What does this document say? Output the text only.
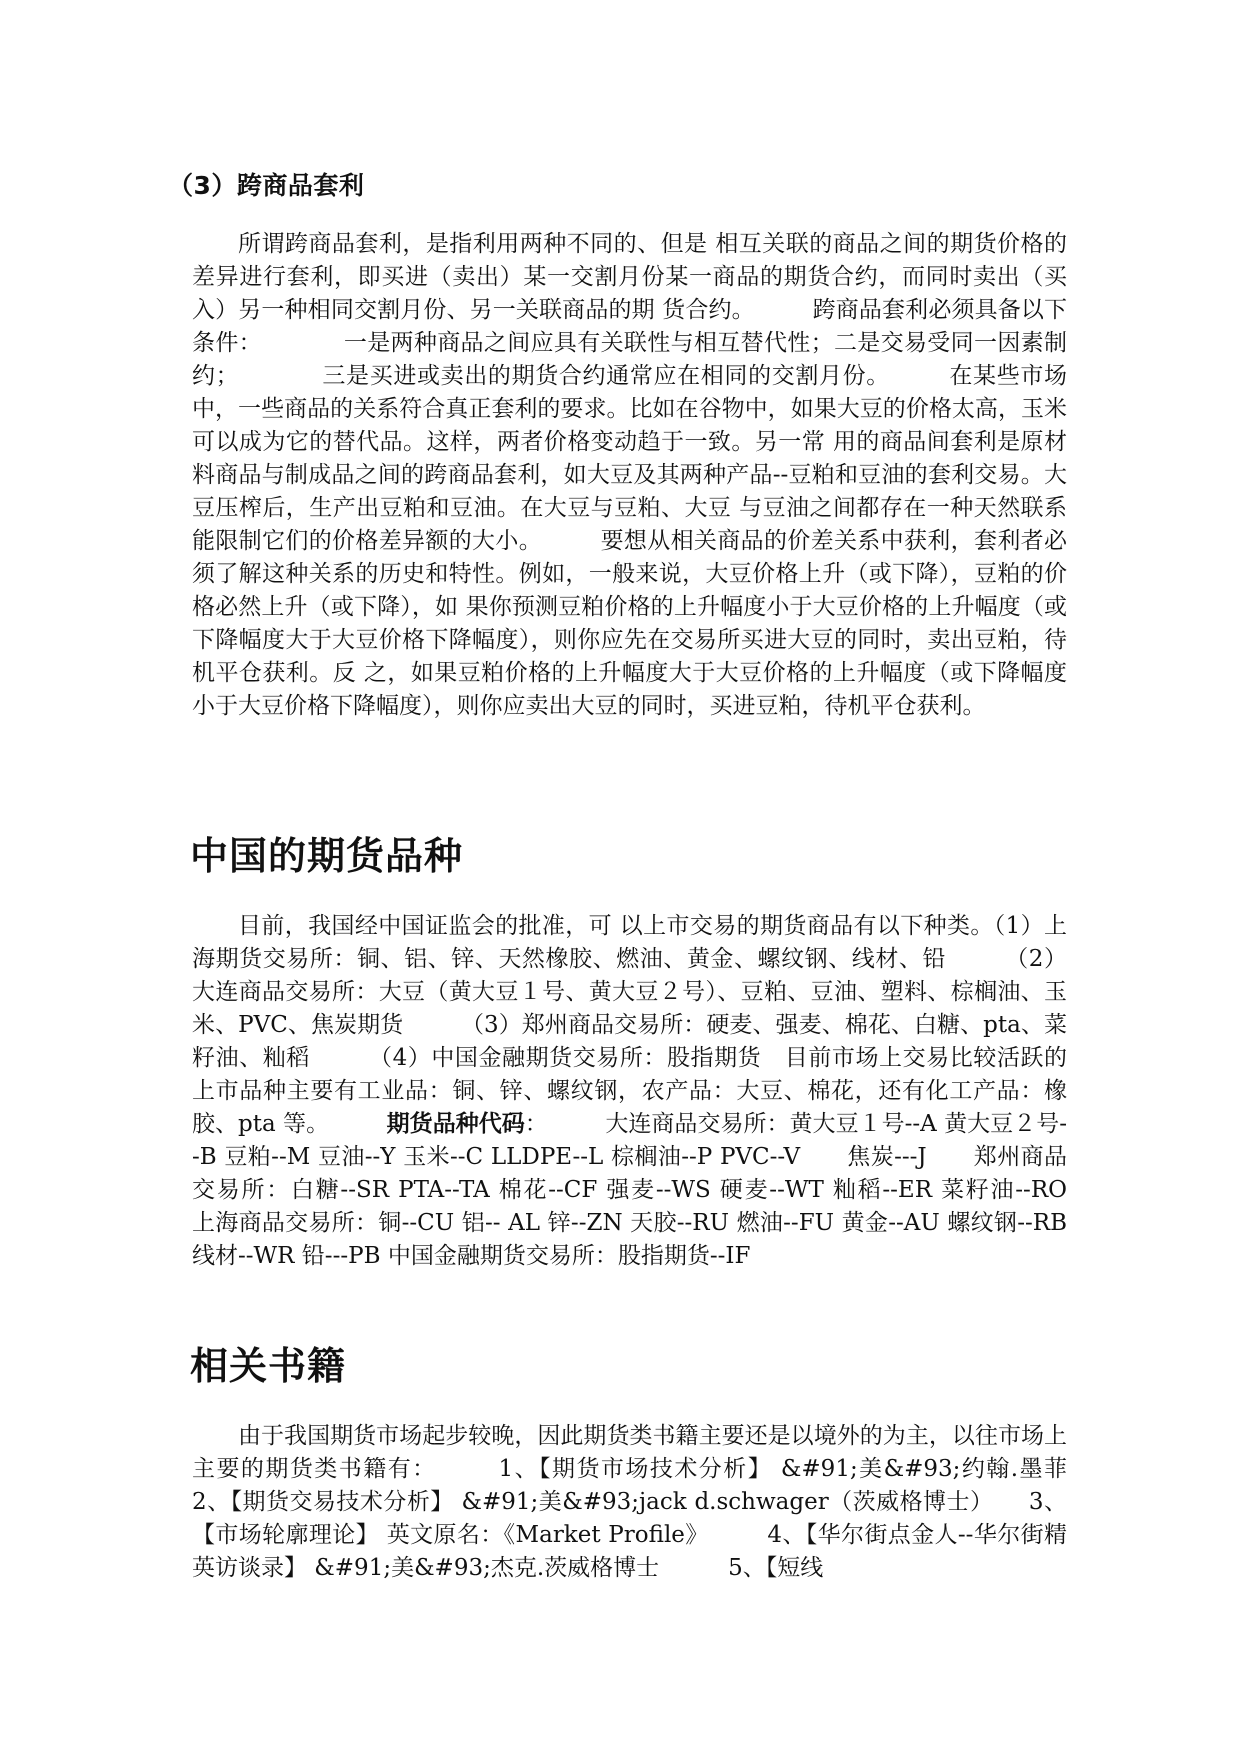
（3）跨商品套利

所谓跨商品套利，是指利用两种不同的、但是 相互关联的商品之间的期货价格的差异进行套利，即买进（卖出）某一交割月份某一商品的期货合约，而同时卖出（买入）另一种相同交割月份、另一关联商品的期 货合约。　　　跨商品套利必须具备以下条件：　　　　一是两种商品之间应具有关联性与相互替代性；二是交易受同一因素制约；　　　　三是买进或卖出的期货合约通常应在相同的交割月份。　　　在某些市场中，一些商品的关系符合真正套利的要求。比如在谷物中，如果大豆的价格太高，玉米可以成为它的替代品。这样，两者价格变动趋于一致。另一常 用的商品间套利是原材料商品与制成品之间的跨商品套利，如大豆及其两种产品--豆粕和豆油的套利交易。大豆压榨后，生产出豆粕和豆油。在大豆与豆粕、大豆 与豆油之间都存在一种天然联系能限制它们的价格差异额的大小。　　　要想从相关商品的价差关系中获利，套利者必须了解这种关系的历史和特性。例如，一般来说，大豆价格上升（或下降），豆粕的价格必然上升（或下降），如 果你预测豆粕价格的上升幅度小于大豆价格的上升幅度（或下降幅度大于大豆价格下降幅度），则你应先在交易所买进大豆的同时，卖出豆粕，待机平仓获利。反 之，如果豆粕价格的上升幅度大于大豆价格的上升幅度（或下降幅度小于大豆价格下降幅度），则你应卖出大豆的同时，买进豆粕，待机平仓获利。

中国的期货品种

目前，我国经中国证监会的批准，可 以上市交易的期货商品有以下种类。（1）上海期货交易所：铜、铝、锌、天然橡胶、燃油、黄金、螺纹钢、线材、铅　　　（2）大连商品交易所：大豆（黄大豆１号、黄大豆２号）、豆粕、豆油、塑料、棕榈油、玉米、PVC、焦炭期货　　　（3）郑州商品交易所：硬麦、强麦、棉花、白糖、pta、菜籽油、籼稻　　　（4）中国金融期货交易所：股指期货　目前市场上交易比较活跃的上市品种主要有工业品：铜、锌、螺纹钢，农产品：大豆、棉花，还有化工产品：橡胶、pta 等。　　　期货品种代码：　　　大连商品交易所：黄大豆１号--A 黄大豆２号--B 豆粕--M 豆油--Y 玉米--C LLDPE--L 棕榈油--P PVC--V　　焦炭---J　　郑州商品交易所：白糖--SR PTA--TA 棉花--CF 强麦--WS 硬麦--WT 籼稻--ER 菜籽油--RO　　　上海商品交易所：铜--CU 铝-- AL 锌--ZN 天胶--RU 燃油--FU 黄金--AU 螺纹钢--RB 线材--WR 铅---PB 中国金融期货交易所：股指期货--IF

相关书籍

由于我国期货市场起步较晚，因此期货类书籍主要还是以境外的为主，以往市场上主要的期货类书籍有：　　　1、【期货市场技术分析】 &#91;美&#93;约翰.墨菲　　2、【期货交易技术分析】 &#91;美&#93;jack d.schwager（茨威格博士）　　3、【市场轮廓理论】 英文原名：《Market Profile》　　　4、【华尔街点金人--华尔街精英访谈录】 &#91;美&#93;杰克.茨威格博士　　　5、【短线
